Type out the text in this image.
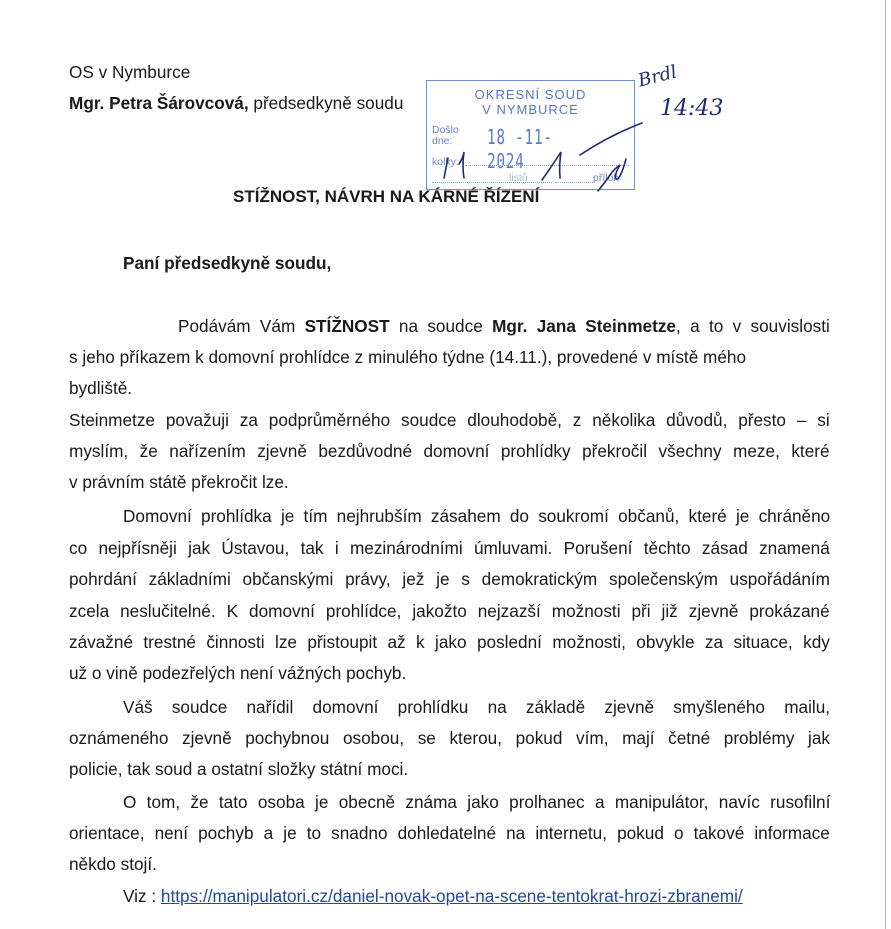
OS v Nymburce
Mgr. Petra Šárovcová, předsedkyně soudu	OKRESNÍ SOUD
V NYMBURCE
Došlo
dne: 18 -11- 2024
kolky:
listů	příloh
Brdl
14:43
STÍŽNOST, NÁVRH NA KÁRNÉ ŘÍZENÍ
Paní předsedkyně soudu,
Podávám Vám STÍŽNOST na soudce Mgr. Jana Steinmetze, a to v souvislosti
s jeho příkazem k domovní prohlídce z minulého týdne (14.11.), provedené v místě mého
bydliště.
Steinmetze považuji za podprůměrného soudce dlouhodobě, z několika důvodů, přesto – si
myslím, že nařízením zjevně bezdůvodné domovní prohlídky překročil všechny meze, které
v právním státě překročit lze.
Domovní prohlídka je tím nejhrubším zásahem do soukromí občanů, které je chráněno
co nejpřísněji jak Ústavou, tak i mezinárodními úmluvami. Porušení těchto zásad znamená
pohrdání základními občanskými právy, jež je s demokratickým společenským uspořádáním
zcela neslučitelné. K domovní prohlídce, jakožto nejzazší možnosti při již zjevně prokázané
závažné trestné činnosti lze přistoupit až k jako poslední možnosti, obvykle za situace, kdy
už o vině podezřelých není vážných pochyb.
Váš soudce nařídil domovní prohlídku na základě zjevně smyšleného mailu,
oznámeného zjevně pochybnou osobou, se kterou, pokud vím, mají četné problémy jak
policie, tak soud a ostatní složky státní moci.
O tom, že tato osoba je obecně známa jako prolhanec a manipulátor, navíc rusofilní
orientace, není pochyb a je to snadno dohledatelné na internetu, pokud o takové informace
někdo stojí.
Viz : https://manipulatori.cz/daniel-novak-opet-na-scene-tentokrat-hrozi-zbranemi/
